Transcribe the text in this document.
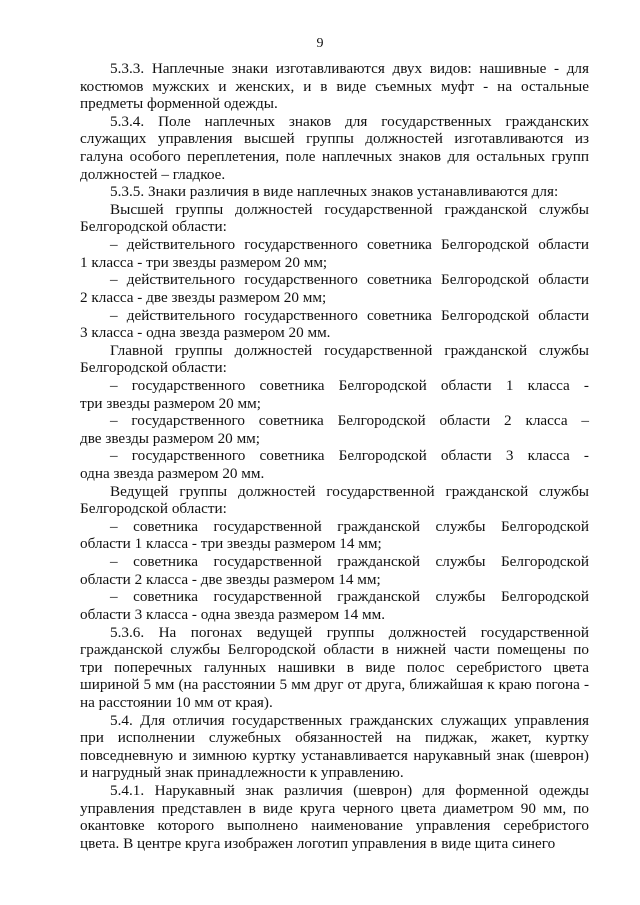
9
5.3.3. Наплечные знаки изготавливаются двух видов: нашивные - для
костюмов мужских и женских, и в виде съемных муфт - на остальные
предметы форменной одежды.
5.3.4. Поле наплечных знаков для государственных гражданских
служащих управления высшей группы должностей изготавливаются из
галуна особого переплетения, поле наплечных знаков для остальных групп
должностей – гладкое.
5.3.5. Знаки различия в виде наплечных знаков устанавливаются для:
Высшей группы должностей государственной гражданской службы
Белгородской области:
– действительного государственного советника Белгородской области
1 класса - три звезды размером 20 мм;
– действительного государственного советника Белгородской области
2 класса - две звезды размером 20 мм;
– действительного государственного советника Белгородской области
3 класса - одна звезда размером 20 мм.
Главной группы должностей государственной гражданской службы
Белгородской области:
– государственного советника Белгородской области 1 класса -
три звезды размером 20 мм;
– государственного советника Белгородской области 2 класса –
две звезды размером 20 мм;
– государственного советника Белгородской области 3 класса -
одна звезда размером 20 мм.
Ведущей группы должностей государственной гражданской службы
Белгородской области:
– советника государственной гражданской службы Белгородской
области 1 класса - три звезды размером 14 мм;
– советника государственной гражданской службы Белгородской
области 2 класса - две звезды размером 14 мм;
– советника государственной гражданской службы Белгородской
области 3 класса - одна звезда размером 14 мм.
5.3.6. На погонах ведущей группы должностей государственной
гражданской службы Белгородской области в нижней части помещены по
три поперечных галунных нашивки в виде полос серебристого цвета
шириной 5 мм (на расстоянии 5 мм друг от друга, ближайшая к краю погона -
на расстоянии 10 мм от края).
5.4. Для отличия государственных гражданских служащих управления
при исполнении служебных обязанностей на пиджак, жакет, куртку
повседневную и зимнюю куртку устанавливается нарукавный знак (шеврон)
и нагрудный знак принадлежности к управлению.
5.4.1. Нарукавный знак различия (шеврон) для форменной одежды
управления представлен в виде круга черного цвета диаметром 90 мм, по
окантовке которого выполнено наименование управления серебристого
цвета. В центре круга изображен логотип управления в виде щита синего
